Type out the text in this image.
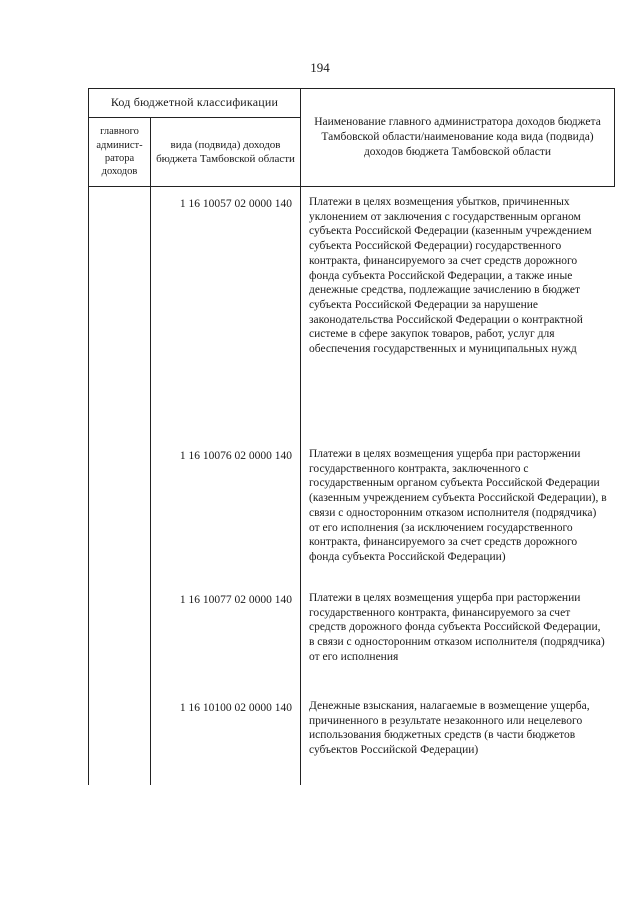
194
Код бюджетной классификации		Наименование главного администратора доходов бюджета Тамбовской области/наименование кода вида (подвида) доходов бюджета Тамбовской области
главного админист-ратора доходов	вида (подвида) доходов бюджета Тамбовской области	
	1 16 10057 02 0000 140	Платежи в целях возмещения убытков, причиненных уклонением от заключения с государственным органом субъекта Российской Федерации (казенным учреждением субъекта Российской Федерации) государственного контракта, финансируемого за счет средств дорожного фонда субъекта Российской Федерации, а также иные денежные средства, подлежащие зачислению в бюджет субъекта Российской Федерации за нарушение законодательства Российской Федерации о контрактной системе в сфере закупок товаров, работ, услуг для обеспечения государственных и муниципальных нужд
	1 16 10076 02 0000 140	Платежи в целях возмещения ущерба при расторжении государственного контракта, заключенного с государственным органом субъекта Российской Федерации (казенным учреждением субъекта Российской Федерации), в связи с односторонним отказом исполнителя (подрядчика) от его исполнения (за исключением государственного контракта, финансируемого за счет средств дорожного фонда субъекта Российской Федерации)
	1 16 10077 02 0000 140	Платежи в целях возмещения ущерба при расторжении государственного контракта, финансируемого за счет средств дорожного фонда субъекта Российской Федерации, в связи с односторонним отказом исполнителя (подрядчика) от его исполнения
	1 16 10100 02 0000 140	Денежные взыскания, налагаемые в возмещение ущерба, причиненного в результате незаконного или нецелевого использования бюджетных средств (в части бюджетов субъектов Российской Федерации)
